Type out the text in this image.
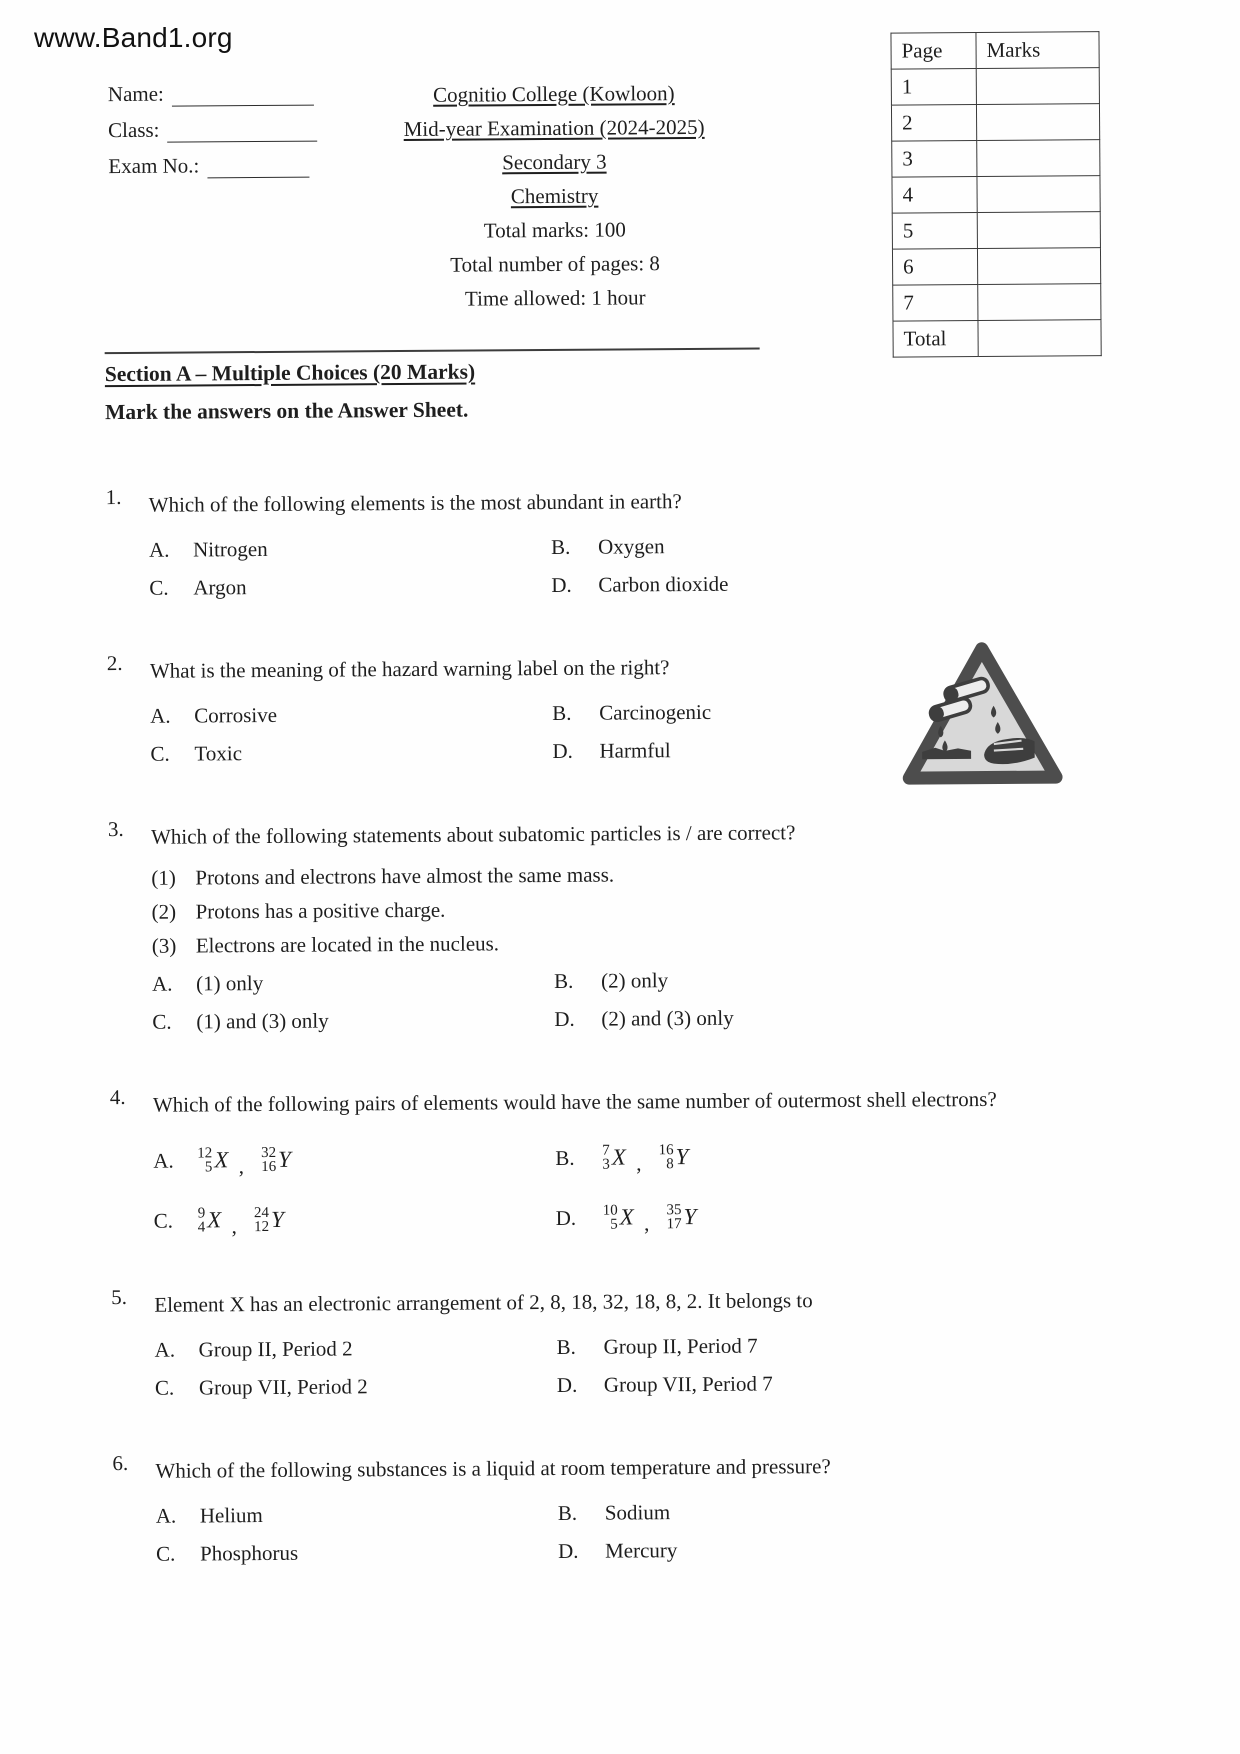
www.Band1.org
Name:
Class:
Exam No.:
Cognitio College (Kowloon)
Mid-year Examination (2024-2025)
Secondary 3
Chemistry
Total marks: 100
Total number of pages: 8
Time allowed: 1 hour
Page	Marks
1	
2	
3	
4	
5	
6	
7	
Total	
Section A – Multiple Choices (20 Marks)
Mark the answers on the Answer Sheet.
1.	Which of the following elements is the most abundant in earth?
A.	Nitrogen	B.	Oxygen
C.	Argon	D.	Carbon dioxide
2.	What is the meaning of the hazard warning label on the right?
A.	Corrosive	B.	Carcinogenic
C.	Toxic	D.	Harmful
3.	Which of the following statements about subatomic particles is / are correct?
(1) Protons and electrons have almost the same mass.
(2) Protons has a positive charge.
(3) Electrons are located in the nucleus.
A.	(1) only	B.	(2) only
C.	(1) and (3) only	D.	(2) and (3) only
4.	Which of the following pairs of elements would have the same number of outermost shell electrons?
A.	12
5 X ,
32
16 Y	B.	7
3 X ,
16
8 Y
C.	9
4 X ,
24
12 Y	D.	10
5 X ,
35
17 Y
5.	Element X has an electronic arrangement of 2, 8, 18, 32, 18, 8, 2. It belongs to
A.	Group II, Period 2	B.	Group II, Period 7
C.	Group VII, Period 2	D.	Group VII, Period 7
6.	Which of the following substances is a liquid at room temperature and pressure?
A.	Helium	B.	Sodium
C.	Phosphorus	D.	Mercury
